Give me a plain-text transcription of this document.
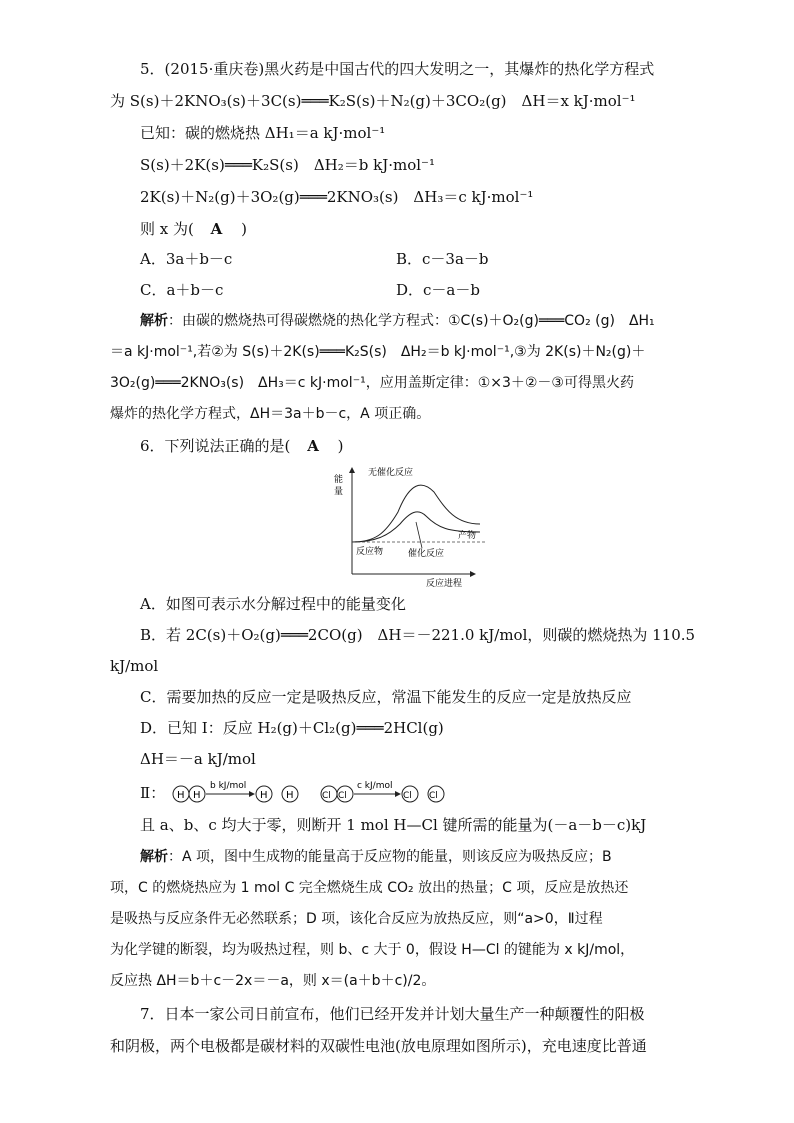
5．(2015·重庆卷)黑火药是中国古代的四大发明之一，其爆炸的热化学方程式
为 S(s)＋2KNO₃(s)＋3C(s)═══K₂S(s)＋N₂(g)＋3CO₂(g)　ΔH＝x kJ·mol⁻¹
已知：碳的燃烧热 ΔH₁＝a kJ·mol⁻¹
S(s)＋2K(s)═══K₂S(s)　ΔH₂＝b kJ·mol⁻¹
2K(s)＋N₂(g)＋3O₂(g)═══2KNO₃(s)　ΔH₃＝c kJ·mol⁻¹
则 x 为( A )
A．3a＋b－c	B．c－3a－b
C．a＋b－c	D．c－a－b
解析：由碳的燃烧热可得碳燃烧的热化学方程式：①C(s)＋O₂(g)═══CO₂ (g)　ΔH₁
＝a kJ·mol⁻¹,若②为 S(s)＋2K(s)═══K₂S(s)　ΔH₂＝b kJ·mol⁻¹,③为 2K(s)＋N₂(g)＋
3O₂(g)═══2KNO₃(s)　ΔH₃＝c kJ·mol⁻¹，应用盖斯定律：①×3＋②－③可得黑火药
爆炸的热化学方程式，ΔH＝3a＋b－c，A 项正确。
6．下列说法正确的是( A )
能
量
无催化反应
产物
反应物	催化反应
反应进程
A．如图可表示水分解过程中的能量变化
B．若 2C(s)＋O₂(g)═══2CO(g)　ΔH＝－221.0 kJ/mol，则碳的燃烧热为 110.5
kJ/mol
C．需要加热的反应一定是吸热反应，常温下能发生的反应一定是放热反应
D．已知 I：反应 H₂(g)＋Cl₂(g)═══2HCl(g)
ΔH＝－a kJ/mol
Ⅱ： H H
b kJ/mol
H H	Cl Cl
c kJ/mol
Cl Cl
且 a、b、c 均大于零，则断开 1 mol H—Cl 键所需的能量为(－a－b－c)kJ
解析：A 项，图中生成物的能量高于反应物的能量，则该反应为吸热反应；B
项，C 的燃烧热应为 1 mol C 完全燃烧生成 CO₂ 放出的热量；C 项，反应是放热还
是吸热与反应条件无必然联系；D 项，该化合反应为放热反应，则“a>0，Ⅱ过程
为化学键的断裂，均为吸热过程，则 b、c 大于 0，假设 H—Cl 的键能为 x kJ/mol，
反应热 ΔH＝b＋c－2x＝－a，则 x＝(a＋b＋c)/2。
7．日本一家公司日前宣布，他们已经开发并计划大量生产一种颠覆性的阳极
和阴极，两个电极都是碳材料的双碳性电池(放电原理如图所示)，充电速度比普通
